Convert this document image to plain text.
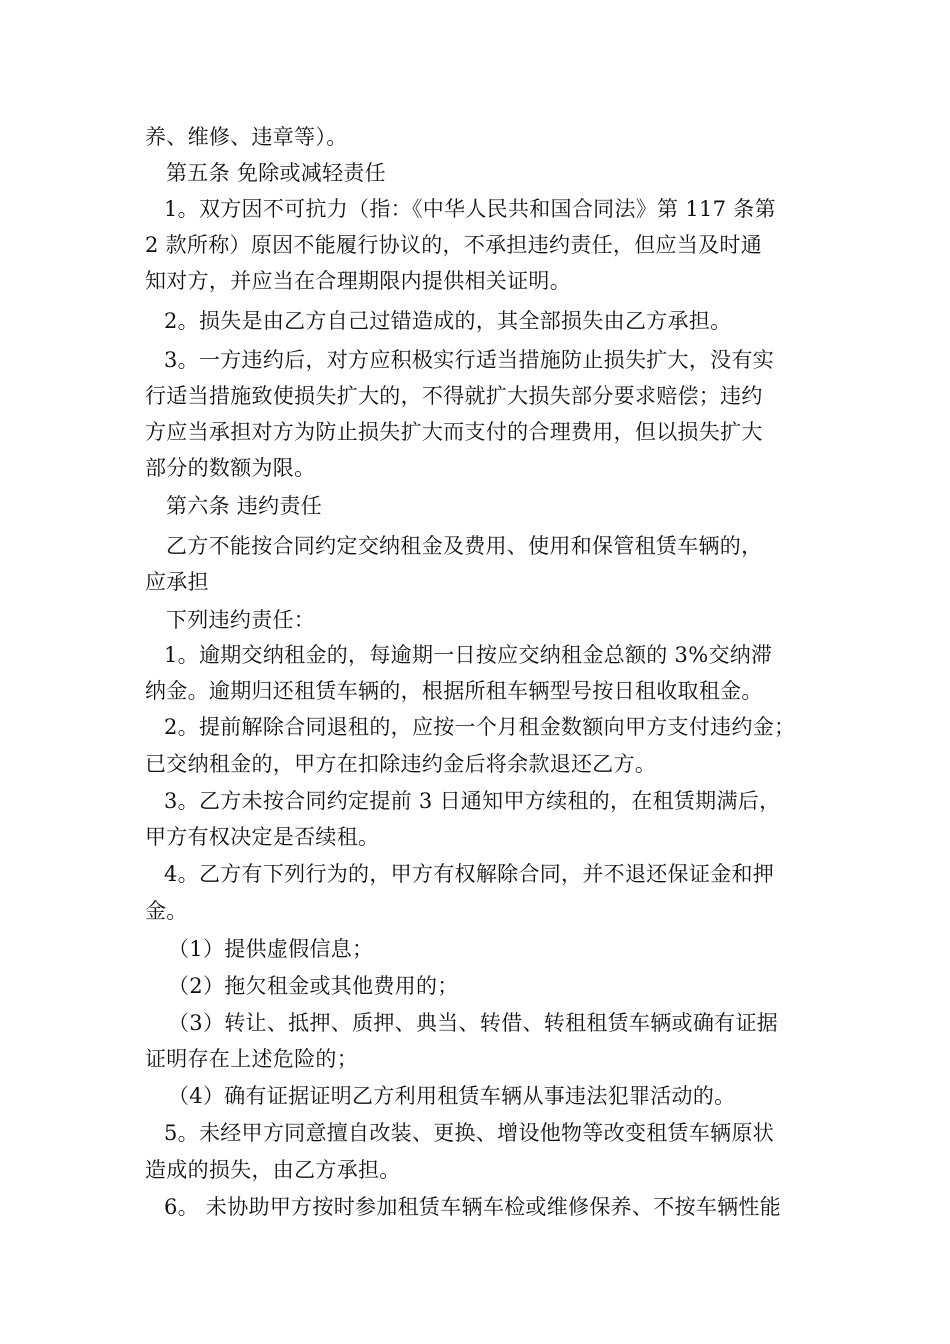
养、维修、违章等）。
第五条 免除或减轻责任
1。双方因不可抗力（指：《中华人民共和国合同法》第 117 条第
2 款所称）原因不能履行协议的，不承担违约责任，但应当及时通
知对方，并应当在合理期限内提供相关证明。
2。损失是由乙方自己过错造成的，其全部损失由乙方承担。
3。一方违约后，对方应积极实行适当措施防止损失扩大，没有实
行适当措施致使损失扩大的，不得就扩大损失部分要求赔偿；违约
方应当承担对方为防止损失扩大而支付的合理费用，但以损失扩大
部分的数额为限。
第六条 违约责任
乙方不能按合同约定交纳租金及费用、使用和保管租赁车辆的，
应承担
下列违约责任：
1。逾期交纳租金的，每逾期一日按应交纳租金总额的 3%交纳滞
纳金。逾期归还租赁车辆的，根据所租车辆型号按日租收取租金。
2。提前解除合同退租的，应按一个月租金数额向甲方支付违约金；
已交纳租金的，甲方在扣除违约金后将余款退还乙方。
3。乙方未按合同约定提前 3 日通知甲方续租的，在租赁期满后，
甲方有权决定是否续租。
4。乙方有下列行为的，甲方有权解除合同，并不退还保证金和押
金。
（1）提供虚假信息；
（2）拖欠租金或其他费用的；
（3）转让、抵押、质押、典当、转借、转租租赁车辆或确有证据
证明存在上述危险的；
（4）确有证据证明乙方利用租赁车辆从事违法犯罪活动的。
5。未经甲方同意擅自改装、更换、增设他物等改变租赁车辆原状
造成的损失，由乙方承担。
6。 未协助甲方按时参加租赁车辆车检或维修保养、不按车辆性能
